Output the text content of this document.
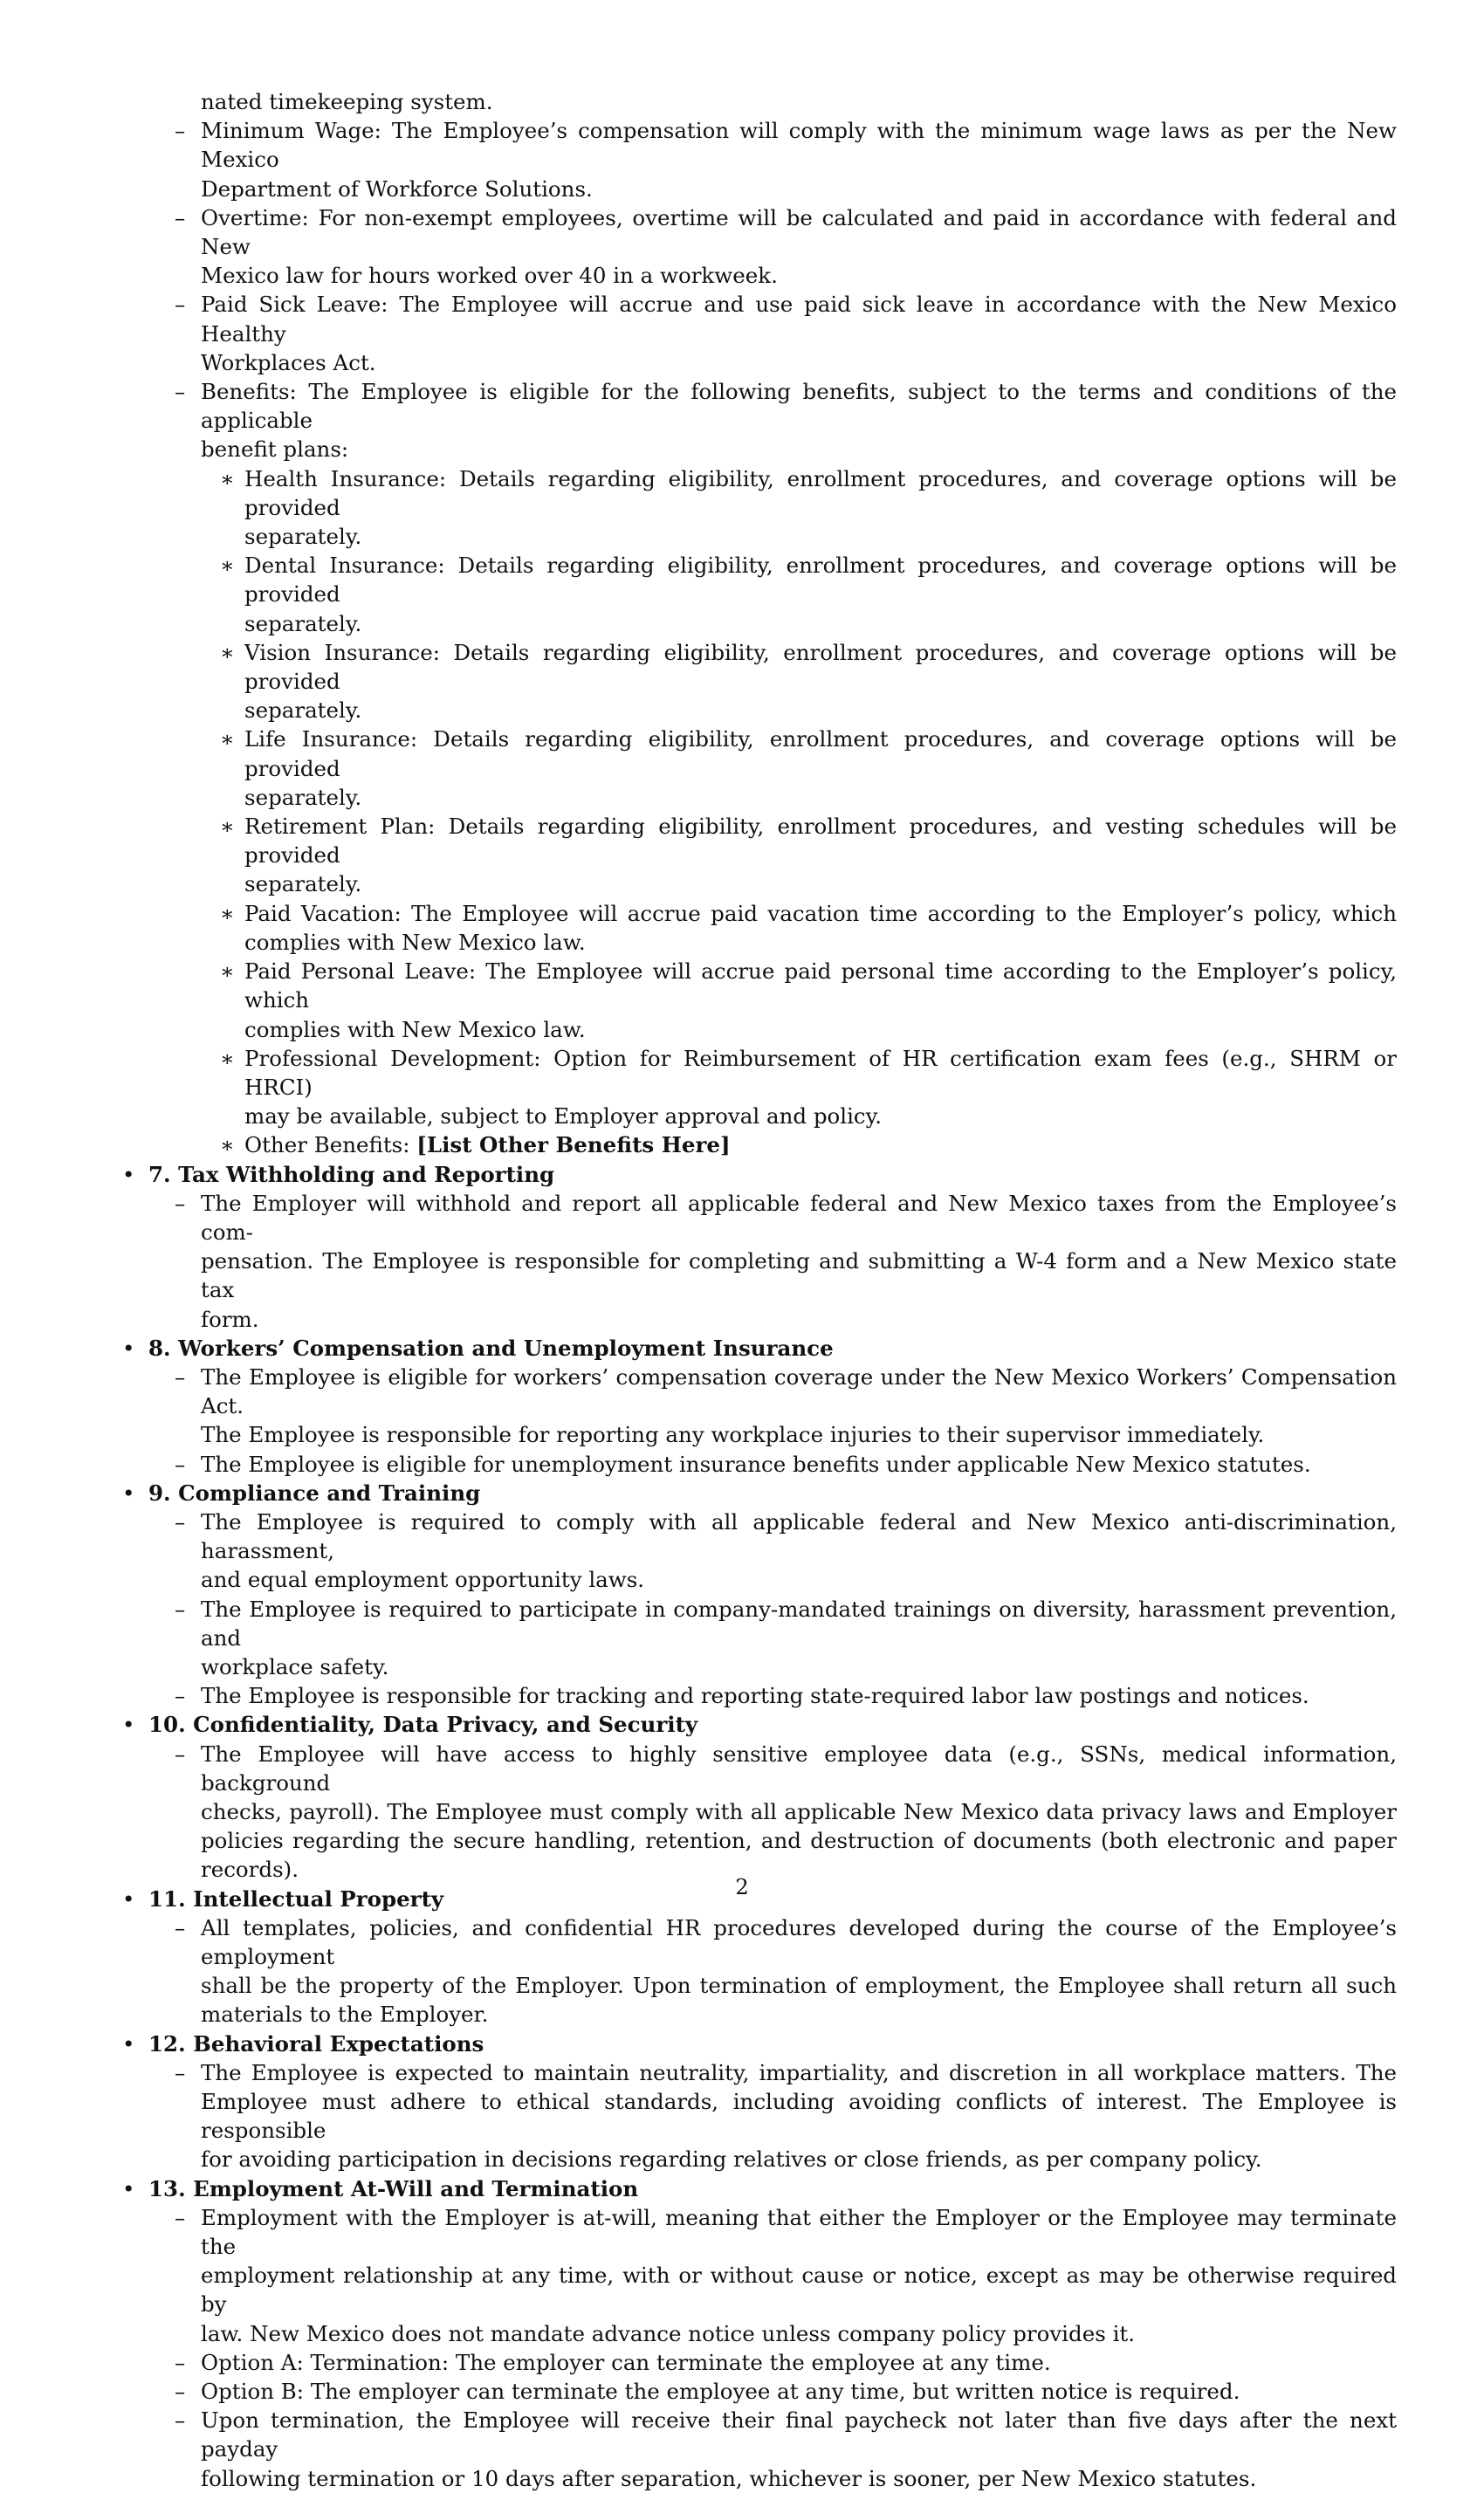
nated timekeeping system.
– Minimum Wage: The Employee’s compensation will comply with the minimum wage laws as per the New Mexico
Department of Workforce Solutions.
– Overtime: For non-exempt employees, overtime will be calculated and paid in accordance with federal and New
Mexico law for hours worked over 40 in a workweek.
– Paid Sick Leave: The Employee will accrue and use paid sick leave in accordance with the New Mexico Healthy
Workplaces Act.
– Benefits: The Employee is eligible for the following benefits, subject to the terms and conditions of the applicable
benefit plans:
∗ Health Insurance: Details regarding eligibility, enrollment procedures, and coverage options will be provided
separately.
∗ Dental Insurance: Details regarding eligibility, enrollment procedures, and coverage options will be provided
separately.
∗ Vision Insurance: Details regarding eligibility, enrollment procedures, and coverage options will be provided
separately.
∗ Life Insurance: Details regarding eligibility, enrollment procedures, and coverage options will be provided
separately.
∗ Retirement Plan: Details regarding eligibility, enrollment procedures, and vesting schedules will be provided
separately.
∗ Paid Vacation: The Employee will accrue paid vacation time according to the Employer’s policy, which
complies with New Mexico law.
∗ Paid Personal Leave: The Employee will accrue paid personal time according to the Employer’s policy, which
complies with New Mexico law.
∗ Professional Development: Option for Reimbursement of HR certification exam fees (e.g., SHRM or HRCI)
may be available, subject to Employer approval and policy.
∗ Other Benefits: [List Other Benefits Here]
• 7. Tax Withholding and Reporting
– The Employer will withhold and report all applicable federal and New Mexico taxes from the Employee’s com-
pensation. The Employee is responsible for completing and submitting a W-4 form and a New Mexico state tax
form.
• 8. Workers’ Compensation and Unemployment Insurance
– The Employee is eligible for workers’ compensation coverage under the New Mexico Workers’ Compensation Act.
The Employee is responsible for reporting any workplace injuries to their supervisor immediately.
– The Employee is eligible for unemployment insurance benefits under applicable New Mexico statutes.
• 9. Compliance and Training
– The Employee is required to comply with all applicable federal and New Mexico anti-discrimination, harassment,
and equal employment opportunity laws.
– The Employee is required to participate in company-mandated trainings on diversity, harassment prevention, and
workplace safety.
– The Employee is responsible for tracking and reporting state-required labor law postings and notices.
• 10. Confidentiality, Data Privacy, and Security
– The Employee will have access to highly sensitive employee data (e.g., SSNs, medical information, background
checks, payroll). The Employee must comply with all applicable New Mexico data privacy laws and Employer
policies regarding the secure handling, retention, and destruction of documents (both electronic and paper records).
• 11. Intellectual Property
– All templates, policies, and confidential HR procedures developed during the course of the Employee’s employment
shall be the property of the Employer. Upon termination of employment, the Employee shall return all such
materials to the Employer.
• 12. Behavioral Expectations
– The Employee is expected to maintain neutrality, impartiality, and discretion in all workplace matters. The
Employee must adhere to ethical standards, including avoiding conflicts of interest. The Employee is responsible
for avoiding participation in decisions regarding relatives or close friends, as per company policy.
• 13. Employment At-Will and Termination
– Employment with the Employer is at-will, meaning that either the Employer or the Employee may terminate the
employment relationship at any time, with or without cause or notice, except as may be otherwise required by
law. New Mexico does not mandate advance notice unless company policy provides it.
– Option A: Termination: The employer can terminate the employee at any time.
– Option B: The employer can terminate the employee at any time, but written notice is required.
– Upon termination, the Employee will receive their final paycheck not later than five days after the next payday
following termination or 10 days after separation, whichever is sooner, per New Mexico statutes.
2
